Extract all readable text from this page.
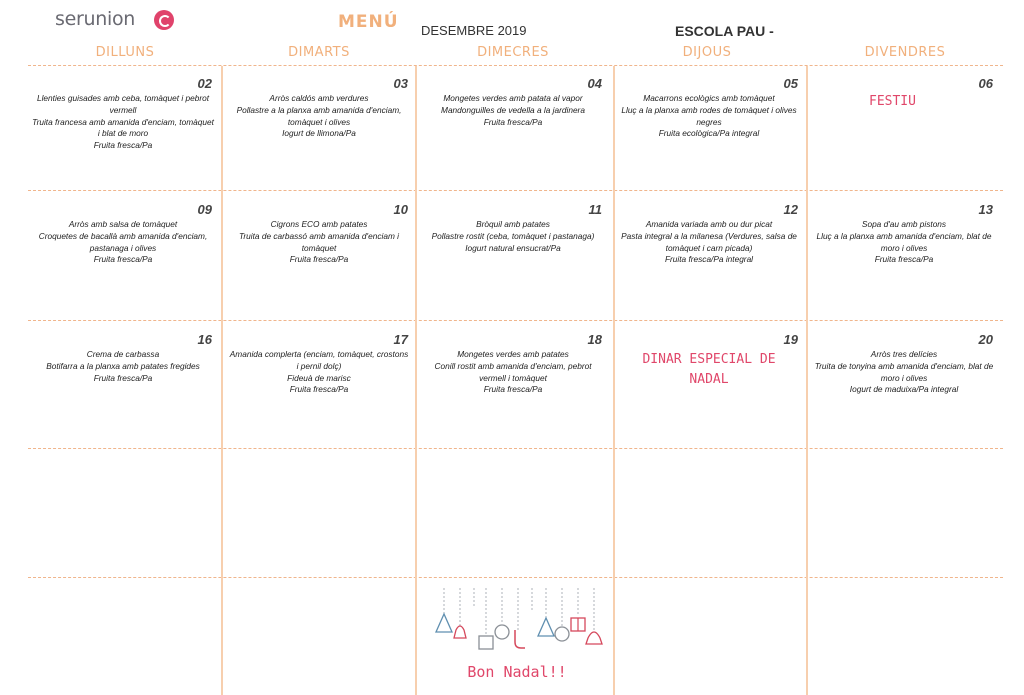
serunion	MENÚ DESEMBRE 2019	ESCOLA PAU -
DILLUNS	DIMARTS	DIMECRES	DIJOUS	DIVENDRES
02
Llenties guisades amb ceba, tomàquet i pebrot vermell
Truita francesa amb amanida d'enciam, tomàquet i blat de moro
Fruita fresca/Pa
03
Arròs caldós amb verdures
Pollastre a la planxa amb amanida d'enciam, tomàquet i olives
Iogurt de llimona/Pa
04
Mongetes verdes amb patata al vapor
Mandonguilles de vedella a la jardinera
Fruita fresca/Pa
05
Macarrons ecològics amb tomàquet
Lluç a la planxa amb rodes de tomàquet i olives negres
Fruita ecològica/Pa integral
06
FESTIU
09
Arròs amb salsa de tomàquet
Croquetes de bacallà amb amanida d'enciam, pastanaga i olives
Fruita fresca/Pa
10
Cigrons ECO amb patates
Truita de carbassó amb amanida d'enciam i tomàquet
Fruita fresca/Pa
11
Bròquil amb patates
Pollastre rostit (ceba, tomàquet i pastanaga)
Iogurt natural ensucrat/Pa
12
Amanida variada amb ou dur picat
Pasta integral a la milanesa (Verdures, salsa de tomàquet i carn picada)
Fruita fresca/Pa integral
13
Sopa d'au amb pistons
Lluç a la planxa amb amanida d'enciam, blat de moro i olives
Fruita fresca/Pa
16
Crema de carbassa
Botifarra a la planxa amb patates fregides
Fruita fresca/Pa
17
Amanida complerta (enciam, tomàquet, crostons i pernil dolç)
Fideuà de marisc
Fruita fresca/Pa
18
Mongetes verdes amb patates
Conill rostit amb amanida d'enciam, pebrot vermell i tomàquet
Fruita fresca/Pa
19
DINAR ESPECIAL DE NADAL
20
Arròs tres delícies
Truita de tonyina amb amanida d'enciam, blat de moro i olives
Iogurt de maduixa/Pa integral
Bon Nadal!!
